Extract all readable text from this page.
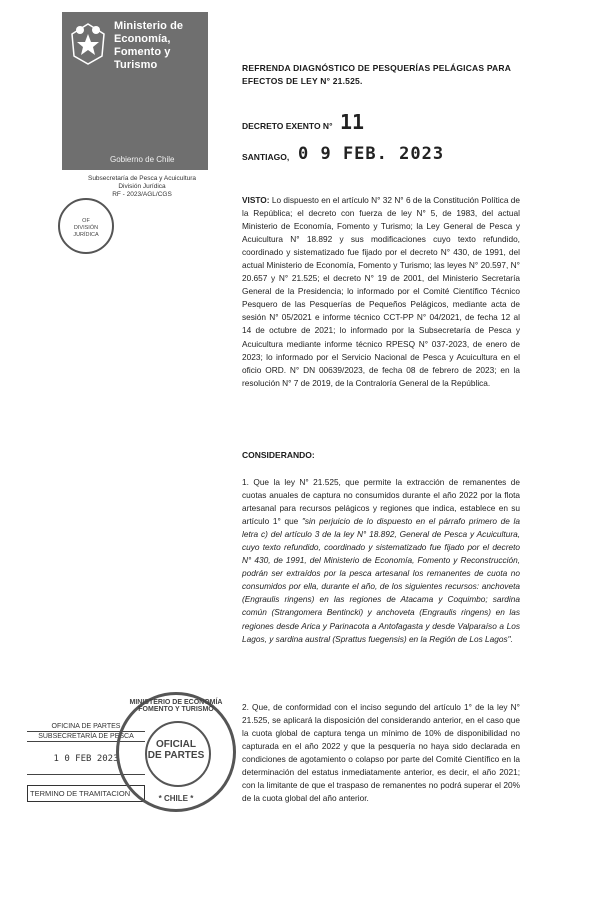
Ministerio de
Economía,
Fomento y
Turismo
Gobierno de Chile
Subsecretaría de Pesca y Acuicultura
División Jurídica
RF - 2023/AGL/CGS
OF
DIVISIÓN
JURÍDICA
REFRENDA DIAGNÓSTICO DE PESQUERÍAS PELÁGICAS PARA EFECTOS DE LEY N° 21.525.
DECRETO EXENTO N° 11
SANTIAGO, 0 9 FEB. 2023
VISTO: Lo dispuesto en el artículo N° 32 N° 6 de la Constitución Política de la República; el decreto con fuerza de ley N° 5, de 1983, del actual Ministerio de Economía, Fomento y Turismo; la Ley General de Pesca y Acuicultura N° 18.892 y sus modificaciones cuyo texto refundido, coordinado y sistematizado fue fijado por el decreto N° 430, de 1991, del actual Ministerio de Economía, Fomento y Turismo; las leyes N° 20.597, N° 20.657 y N° 21.525; el decreto N° 19 de 2001, del Ministerio Secretaría General de la Presidencia; lo informado por el Comité Científico Técnico Pesquero de las Pesquerías de Pequeños Pelágicos, mediante acta de sesión N° 05/2021 e informe técnico CCT-PP N° 04/2021, de fecha 12 al 14 de octubre de 2021; lo informado por la Subsecretaría de Pesca y Acuicultura mediante informe técnico RPESQ N° 037-2023, de enero de 2023; lo informado por el Servicio Nacional de Pesca y Acuicultura en el oficio ORD. N° DN 00639/2023, de fecha 08 de febrero de 2023; en la resolución N° 7 de 2019, de la Contraloría General de la República.
CONSIDERANDO:
1. Que la ley N° 21.525, que permite la extracción de remanentes de cuotas anuales de captura no consumidos durante el año 2022 por la flota artesanal para recursos pelágicos y regiones que indica, establece en su artículo 1° que "sin perjuicio de lo dispuesto en el párrafo primero de la letra c) del artículo 3 de la ley N° 18.892, General de Pesca y Acuicultura, cuyo texto refundido, coordinado y sistematizado fue fijado por el decreto N° 430, de 1991, del Ministerio de Economía, Fomento y Reconstrucción, podrán ser extraídos por la pesca artesanal los remanentes de cuota no consumidos por ella, durante el año, de los siguientes recursos: anchoveta (Engraulis ringens) en las regiones de Atacama y Coquimbo; sardina común (Strangomera Bentincki) y anchoveta (Engraulis ringens) en las regiones desde Arica y Parinacota a Antofagasta y desde Valparaíso a Los Lagos, y sardina austral (Sprattus fuegensis) en la Región de Los Lagos".
2. Que, de conformidad con el inciso segundo del artículo 1° de la ley N° 21.525, se aplicará la disposición del considerando anterior, en el caso que la cuota global de captura tenga un mínimo de 10% de disponibilidad no capturada en el año 2022 y que la pesquería no haya sido declarada en condiciones de agotamiento o colapso por parte del Comité Científico en la determinación del estatus inmediatamente anterior, es decir, el año 2021; con la limitante de que el traspaso de remanentes no podrá superar el 20% de la cuota global del año anterior.
OFICINA DE PARTES
SUBSECRETARÍA DE PESCA
1 0 FEB 2023
TERMINO DE TRAMITACION
MINISTERIO DE ECONOMÍA FOMENTO Y TURISMO
OFICIAL
DE PARTES
* CHILE *
